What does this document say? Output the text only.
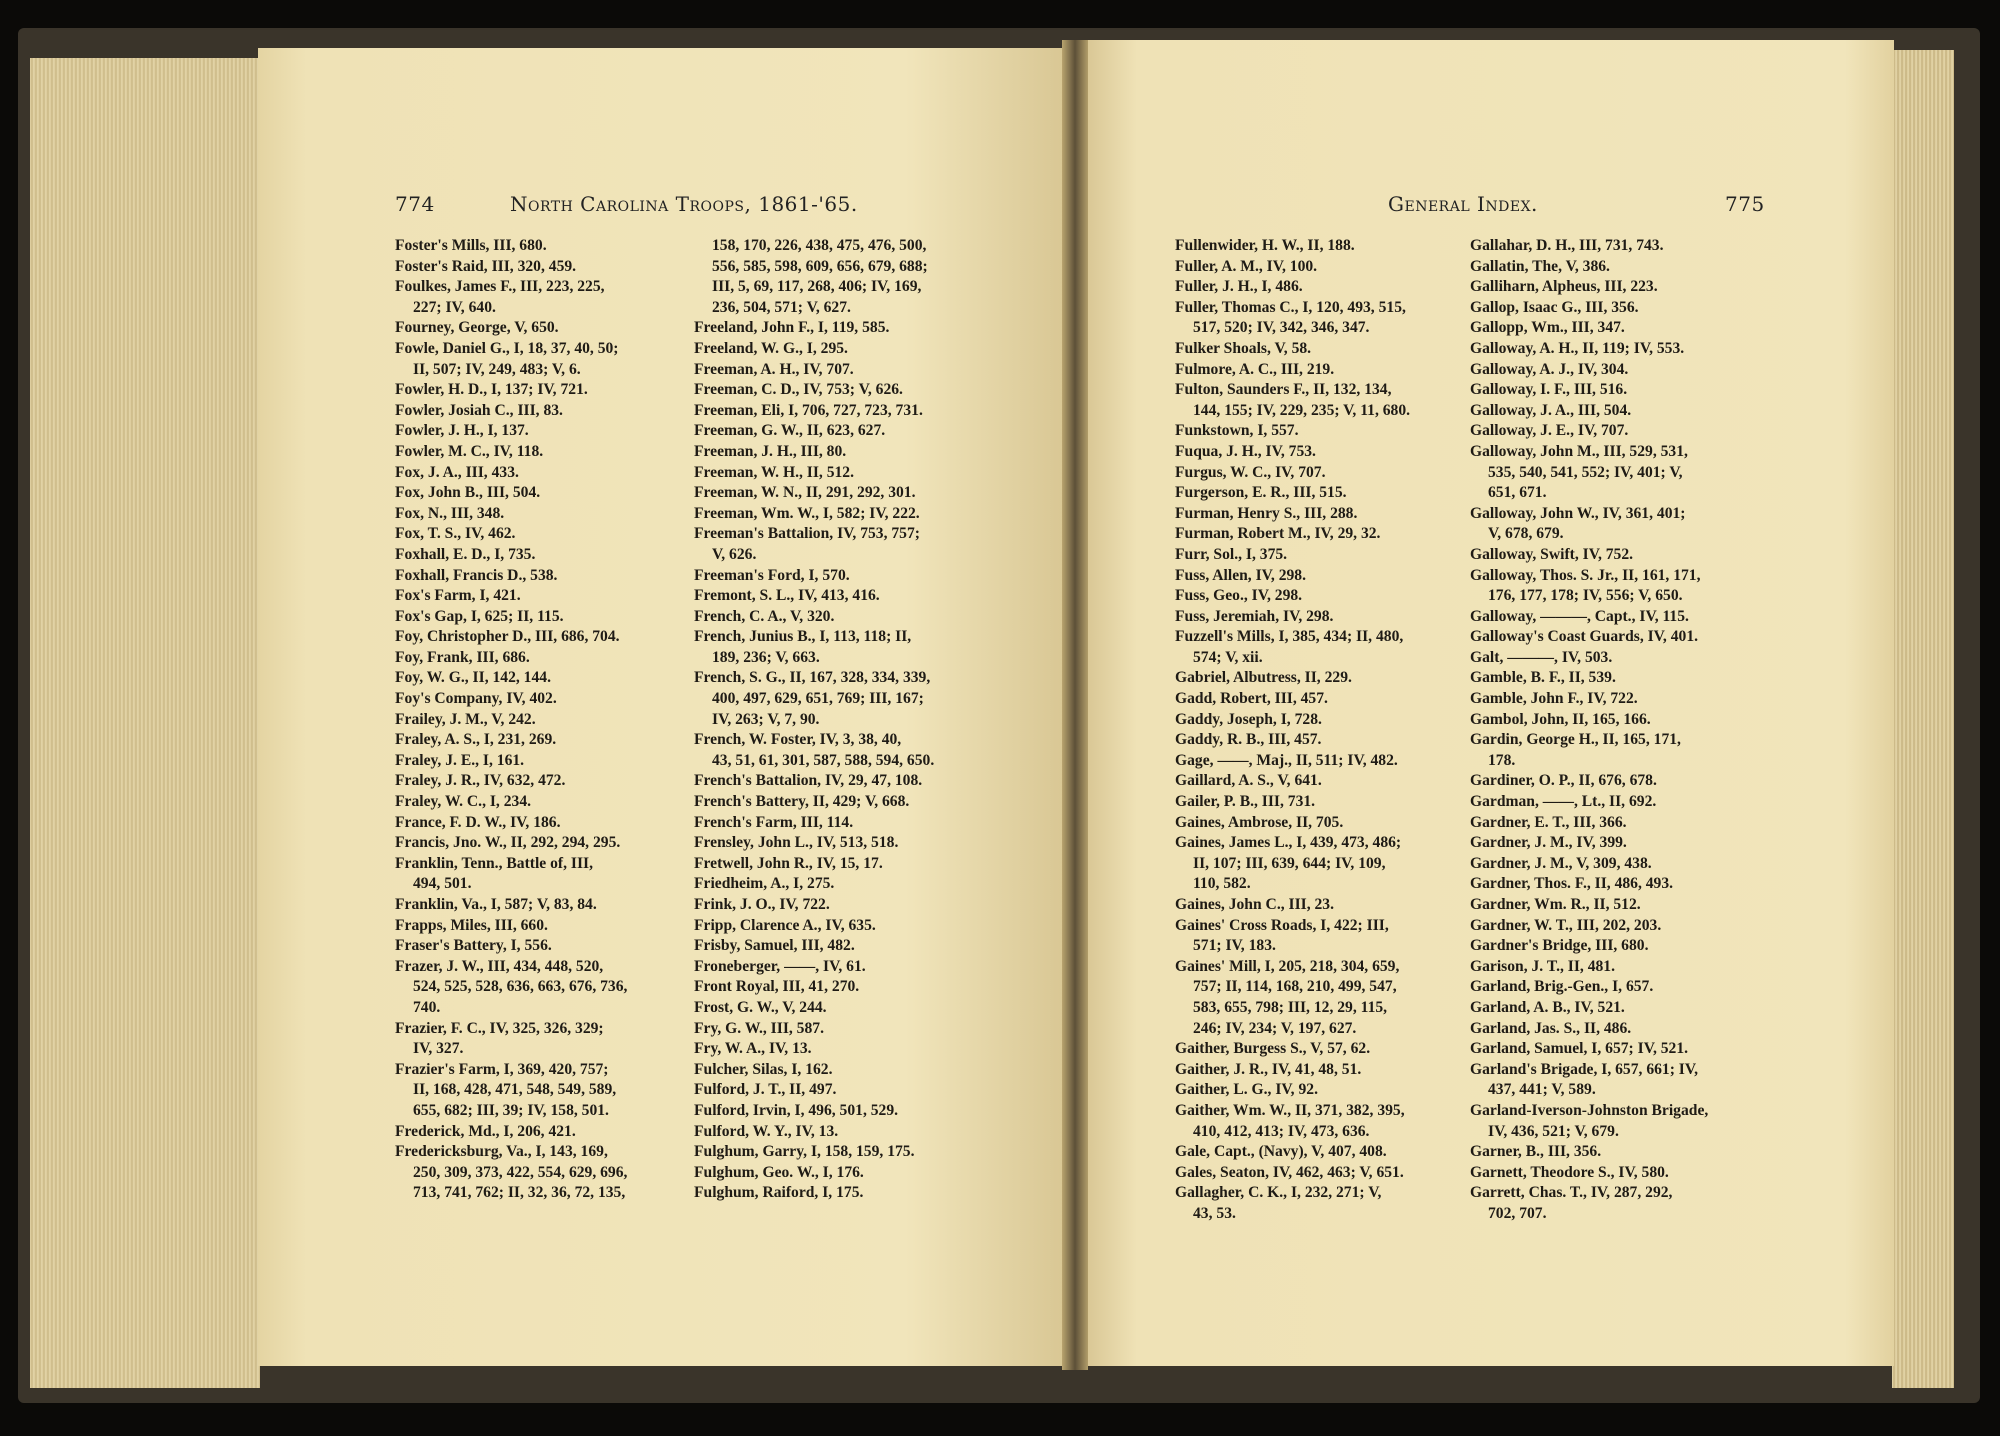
774	North Carolina Troops, 1861-'65.	General Index.	775
Foster's Mills, III, 680.
Foster's Raid, III, 320, 459.
Foulkes, James F., III, 223, 225,
227; IV, 640.
Fourney, George, V, 650.
Fowle, Daniel G., I, 18, 37, 40, 50;
II, 507; IV, 249, 483; V, 6.
Fowler, H. D., I, 137; IV, 721.
Fowler, Josiah C., III, 83.
Fowler, J. H., I, 137.
Fowler, M. C., IV, 118.
Fox, J. A., III, 433.
Fox, John B., III, 504.
Fox, N., III, 348.
Fox, T. S., IV, 462.
Foxhall, E. D., I, 735.
Foxhall, Francis D., 538.
Fox's Farm, I, 421.
Fox's Gap, I, 625; II, 115.
Foy, Christopher D., III, 686, 704.
Foy, Frank, III, 686.
Foy, W. G., II, 142, 144.
Foy's Company, IV, 402.
Frailey, J. M., V, 242.
Fraley, A. S., I, 231, 269.
Fraley, J. E., I, 161.
Fraley, J. R., IV, 632, 472.
Fraley, W. C., I, 234.
France, F. D. W., IV, 186.
Francis, Jno. W., II, 292, 294, 295.
Franklin, Tenn., Battle of, III,
494, 501.
Franklin, Va., I, 587; V, 83, 84.
Frapps, Miles, III, 660.
Fraser's Battery, I, 556.
Frazer, J. W., III, 434, 448, 520,
524, 525, 528, 636, 663, 676, 736,
740.
Frazier, F. C., IV, 325, 326, 329;
IV, 327.
Frazier's Farm, I, 369, 420, 757;
II, 168, 428, 471, 548, 549, 589,
655, 682; III, 39; IV, 158, 501.
Frederick, Md., I, 206, 421.
Fredericksburg, Va., I, 143, 169,
250, 309, 373, 422, 554, 629, 696,
713, 741, 762; II, 32, 36, 72, 135,
158, 170, 226, 438, 475, 476, 500,
556, 585, 598, 609, 656, 679, 688;
III, 5, 69, 117, 268, 406; IV, 169,
236, 504, 571; V, 627.
Freeland, John F., I, 119, 585.
Freeland, W. G., I, 295.
Freeman, A. H., IV, 707.
Freeman, C. D., IV, 753; V, 626.
Freeman, Eli, I, 706, 727, 723, 731.
Freeman, G. W., II, 623, 627.
Freeman, J. H., III, 80.
Freeman, W. H., II, 512.
Freeman, W. N., II, 291, 292, 301.
Freeman, Wm. W., I, 582; IV, 222.
Freeman's Battalion, IV, 753, 757;
V, 626.
Freeman's Ford, I, 570.
Fremont, S. L., IV, 413, 416.
French, C. A., V, 320.
French, Junius B., I, 113, 118; II,
189, 236; V, 663.
French, S. G., II, 167, 328, 334, 339,
400, 497, 629, 651, 769; III, 167;
IV, 263; V, 7, 90.
French, W. Foster, IV, 3, 38, 40,
43, 51, 61, 301, 587, 588, 594, 650.
French's Battalion, IV, 29, 47, 108.
French's Battery, II, 429; V, 668.
French's Farm, III, 114.
Frensley, John L., IV, 513, 518.
Fretwell, John R., IV, 15, 17.
Friedheim, A., I, 275.
Frink, J. O., IV, 722.
Fripp, Clarence A., IV, 635.
Frisby, Samuel, III, 482.
Froneberger, ——, IV, 61.
Front Royal, III, 41, 270.
Frost, G. W., V, 244.
Fry, G. W., III, 587.
Fry, W. A., IV, 13.
Fulcher, Silas, I, 162.
Fulford, J. T., II, 497.
Fulford, Irvin, I, 496, 501, 529.
Fulford, W. Y., IV, 13.
Fulghum, Garry, I, 158, 159, 175.
Fulghum, Geo. W., I, 176.
Fulghum, Raiford, I, 175.
Fullenwider, H. W., II, 188.
Fuller, A. M., IV, 100.
Fuller, J. H., I, 486.
Fuller, Thomas C., I, 120, 493, 515,
517, 520; IV, 342, 346, 347.
Fulker Shoals, V, 58.
Fulmore, A. C., III, 219.
Fulton, Saunders F., II, 132, 134,
144, 155; IV, 229, 235; V, 11, 680.
Funkstown, I, 557.
Fuqua, J. H., IV, 753.
Furgus, W. C., IV, 707.
Furgerson, E. R., III, 515.
Furman, Henry S., III, 288.
Furman, Robert M., IV, 29, 32.
Furr, Sol., I, 375.
Fuss, Allen, IV, 298.
Fuss, Geo., IV, 298.
Fuss, Jeremiah, IV, 298.
Fuzzell's Mills, I, 385, 434; II, 480,
574; V, xii.
Gabriel, Albutress, II, 229.
Gadd, Robert, III, 457.
Gaddy, Joseph, I, 728.
Gaddy, R. B., III, 457.
Gage, ——, Maj., II, 511; IV, 482.
Gaillard, A. S., V, 641.
Gailer, P. B., III, 731.
Gaines, Ambrose, II, 705.
Gaines, James L., I, 439, 473, 486;
II, 107; III, 639, 644; IV, 109,
110, 582.
Gaines, John C., III, 23.
Gaines' Cross Roads, I, 422; III,
571; IV, 183.
Gaines' Mill, I, 205, 218, 304, 659,
757; II, 114, 168, 210, 499, 547,
583, 655, 798; III, 12, 29, 115,
246; IV, 234; V, 197, 627.
Gaither, Burgess S., V, 57, 62.
Gaither, J. R., IV, 41, 48, 51.
Gaither, L. G., IV, 92.
Gaither, Wm. W., II, 371, 382, 395,
410, 412, 413; IV, 473, 636.
Gale, Capt., (Navy), V, 407, 408.
Gales, Seaton, IV, 462, 463; V, 651.
Gallagher, C. K., I, 232, 271; V,
43, 53.
Gallahar, D. H., III, 731, 743.
Gallatin, The, V, 386.
Galliharn, Alpheus, III, 223.
Gallop, Isaac G., III, 356.
Gallopp, Wm., III, 347.
Galloway, A. H., II, 119; IV, 553.
Galloway, A. J., IV, 304.
Galloway, I. F., III, 516.
Galloway, J. A., III, 504.
Galloway, J. E., IV, 707.
Galloway, John M., III, 529, 531,
535, 540, 541, 552; IV, 401; V,
651, 671.
Galloway, John W., IV, 361, 401;
V, 678, 679.
Galloway, Swift, IV, 752.
Galloway, Thos. S. Jr., II, 161, 171,
176, 177, 178; IV, 556; V, 650.
Galloway, ———, Capt., IV, 115.
Galloway's Coast Guards, IV, 401.
Galt, ———, IV, 503.
Gamble, B. F., II, 539.
Gamble, John F., IV, 722.
Gambol, John, II, 165, 166.
Gardin, George H., II, 165, 171,
178.
Gardiner, O. P., II, 676, 678.
Gardman, ——, Lt., II, 692.
Gardner, E. T., III, 366.
Gardner, J. M., IV, 399.
Gardner, J. M., V, 309, 438.
Gardner, Thos. F., II, 486, 493.
Gardner, Wm. R., II, 512.
Gardner, W. T., III, 202, 203.
Gardner's Bridge, III, 680.
Garison, J. T., II, 481.
Garland, Brig.-Gen., I, 657.
Garland, A. B., IV, 521.
Garland, Jas. S., II, 486.
Garland, Samuel, I, 657; IV, 521.
Garland's Brigade, I, 657, 661; IV,
437, 441; V, 589.
Garland-Iverson-Johnston Brigade,
IV, 436, 521; V, 679.
Garner, B., III, 356.
Garnett, Theodore S., IV, 580.
Garrett, Chas. T., IV, 287, 292,
702, 707.
